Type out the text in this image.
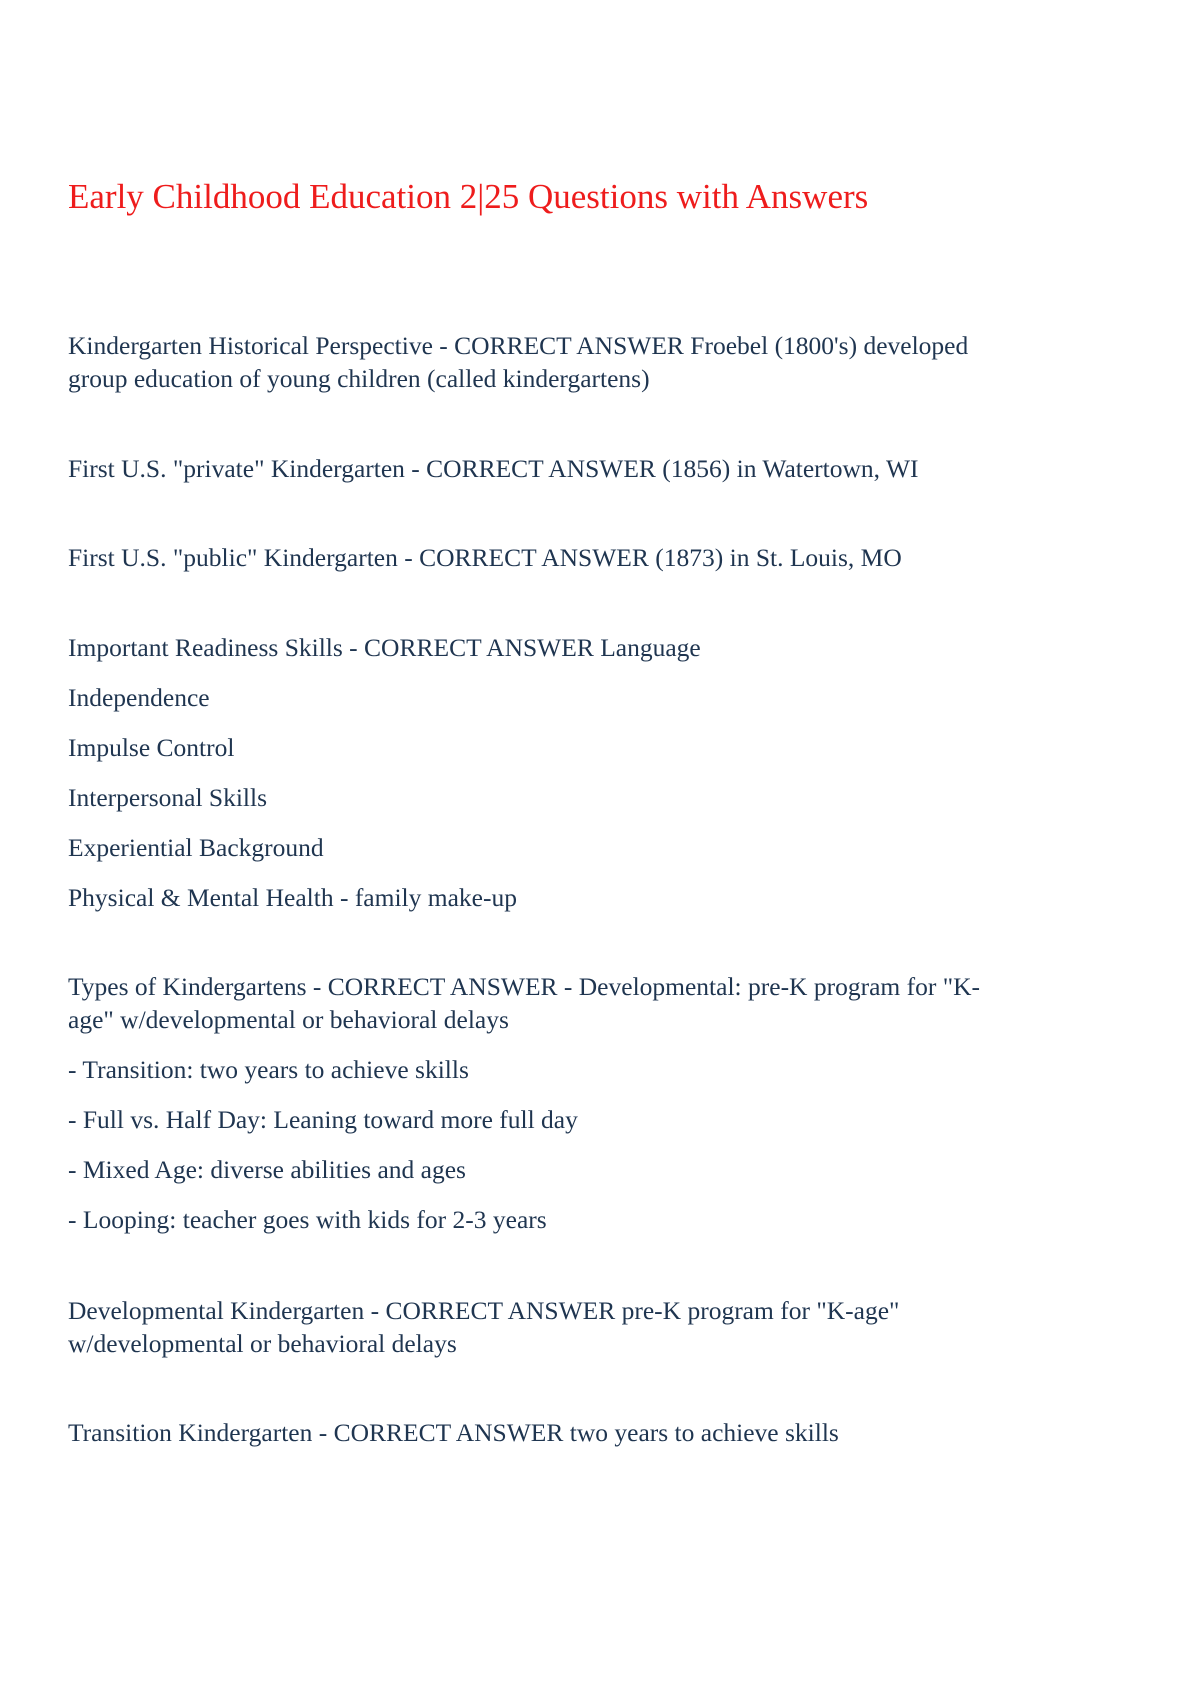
Early Childhood Education 2|25 Questions with Answers
Kindergarten Historical Perspective - CORRECT ANSWER Froebel (1800's) developed
group education of young children (called kindergartens)
First U.S. "private" Kindergarten - CORRECT ANSWER (1856) in Watertown, WI
First U.S. "public" Kindergarten - CORRECT ANSWER (1873) in St. Louis, MO
Important Readiness Skills - CORRECT ANSWER Language
Independence
Impulse Control
Interpersonal Skills
Experiential Background
Physical & Mental Health - family make-up
Types of Kindergartens - CORRECT ANSWER - Developmental: pre-K program for "K-
age" w/developmental or behavioral delays
- Transition: two years to achieve skills
- Full vs. Half Day: Leaning toward more full day
- Mixed Age: diverse abilities and ages
- Looping: teacher goes with kids for 2-3 years
Developmental Kindergarten - CORRECT ANSWER pre-K program for "K-age"
w/developmental or behavioral delays
Transition Kindergarten - CORRECT ANSWER two years to achieve skills
